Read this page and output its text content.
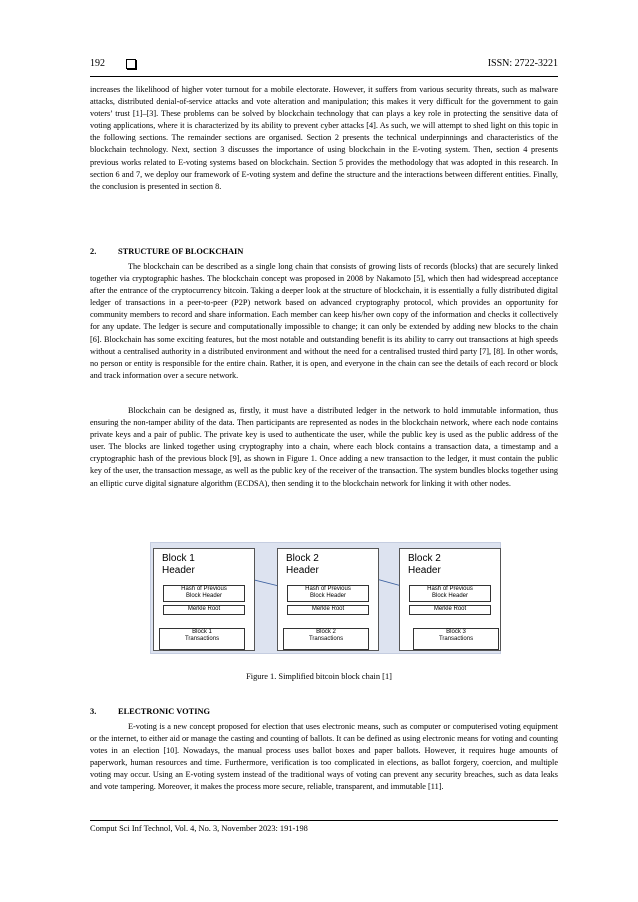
192	ISSN: 2722-3221

increases the likelihood of higher voter turnout for a mobile electorate. However, it suffers from various security threats, such as malware attacks, distributed denial-of-service attacks and vote alteration and manipulation; this makes it very difficult for the government to gain voters’ trust [1]–[3]. These problems can be solved by blockchain technology that can plays a key role in protecting the sensitive data of voting applications, where it is characterized by its ability to prevent cyber attacks [4]. As such, we will attempt to shed light on this topic in the following sections. The remainder sections are organised. Section 2 presents the technical underpinnings and characteristics of the blockchain technology. Next, section 3 discusses the importance of using blockchain in the E-voting system. Then, section 4 presents previous works related to E-voting systems based on blockchain. Section 5 provides the methodology that was adopted in this research. In section 6 and 7, we deploy our framework of E-voting system and define the structure and the interactions between different entities. Finally, the conclusion is presented in section 8.

2.	STRUCTURE OF BLOCKCHAIN

The blockchain can be described as a single long chain that consists of growing lists of records (blocks) that are securely linked together via cryptographic hashes. The blockchain concept was proposed in 2008 by Nakamoto [5], which then had widespread acceptance after the entrance of the cryptocurrency bitcoin. Taking a deeper look at the structure of blockchain, it is essentially a fully distributed digital ledger of transactions in a peer-to-peer (P2P) network based on advanced cryptography protocol, which provides an opportunity for community members to record and share information. Each member can keep his/her own copy of the information and checks it collectively for any update. The ledger is secure and computationally impossible to change; it can only be extended by adding new blocks to the chain [6]. Blockchain has some exciting features, but the most notable and outstanding benefit is its ability to carry out transactions at high speeds without a centralised authority in a distributed environment and without the need for a centralised trusted third party [7], [8]. In other words, no person or entity is responsible for the entire chain. Rather, it is open, and everyone in the chain can see the details of each record or block and track information over a secure network.

Blockchain can be designed as, firstly, it must have a distributed ledger in the network to hold immutable information, thus ensuring the non-tamper ability of the data. Then participants are represented as nodes in the blockchain network, where each node contains private keys and a pair of public. The private key is used to authenticate the user, while the public key is used as the public address of the user. The blocks are linked together using cryptography into a chain, where each block contains a transaction data, a timestamp and a cryptographic hash of the previous block [9], as shown in Figure 1. Once adding a new transaction to the ledger, it must contain the public key of the user, the transaction message, as well as the public key of the receiver of the transaction. The system bundles blocks together using an elliptic curve digital signature algorithm (ECDSA), then sending it to the blockchain network for linking it with other nodes.

Block 1
Header
Hash of Previous
Block Header
Merkle Root
Block 1
Transactions
Block 2
Header
Hash of Previous
Block Header
Merkle Root
Block 2
Transactions
Block 2
Header
Hash of Previous
Block Header
Merkle Root
Block 3
Transactions
Figure 1. Simplified bitcoin block chain [1]
3.	ELECTRONIC VOTING

E-voting is a new concept proposed for election that uses electronic means, such as computer or computerised voting equipment or the internet, to either aid or manage the casting and counting of ballots. It can be defined as using electronic means for voting and counting votes in an election [10]. Nowadays, the manual process uses ballot boxes and paper ballots. However, it requires huge amounts of paperwork, human resources and time. Furthermore, verification is too complicated in elections, as ballot forgery, coercion, and multiple voting may occur. Using an E-voting system instead of the traditional ways of voting can prevent any security breaches, such as data leaks and vote tampering. Moreover, it makes the process more secure, reliable, transparent, and immutable [11].

Comput Sci Inf Technol, Vol. 4, No. 3, November 2023: 191-198
